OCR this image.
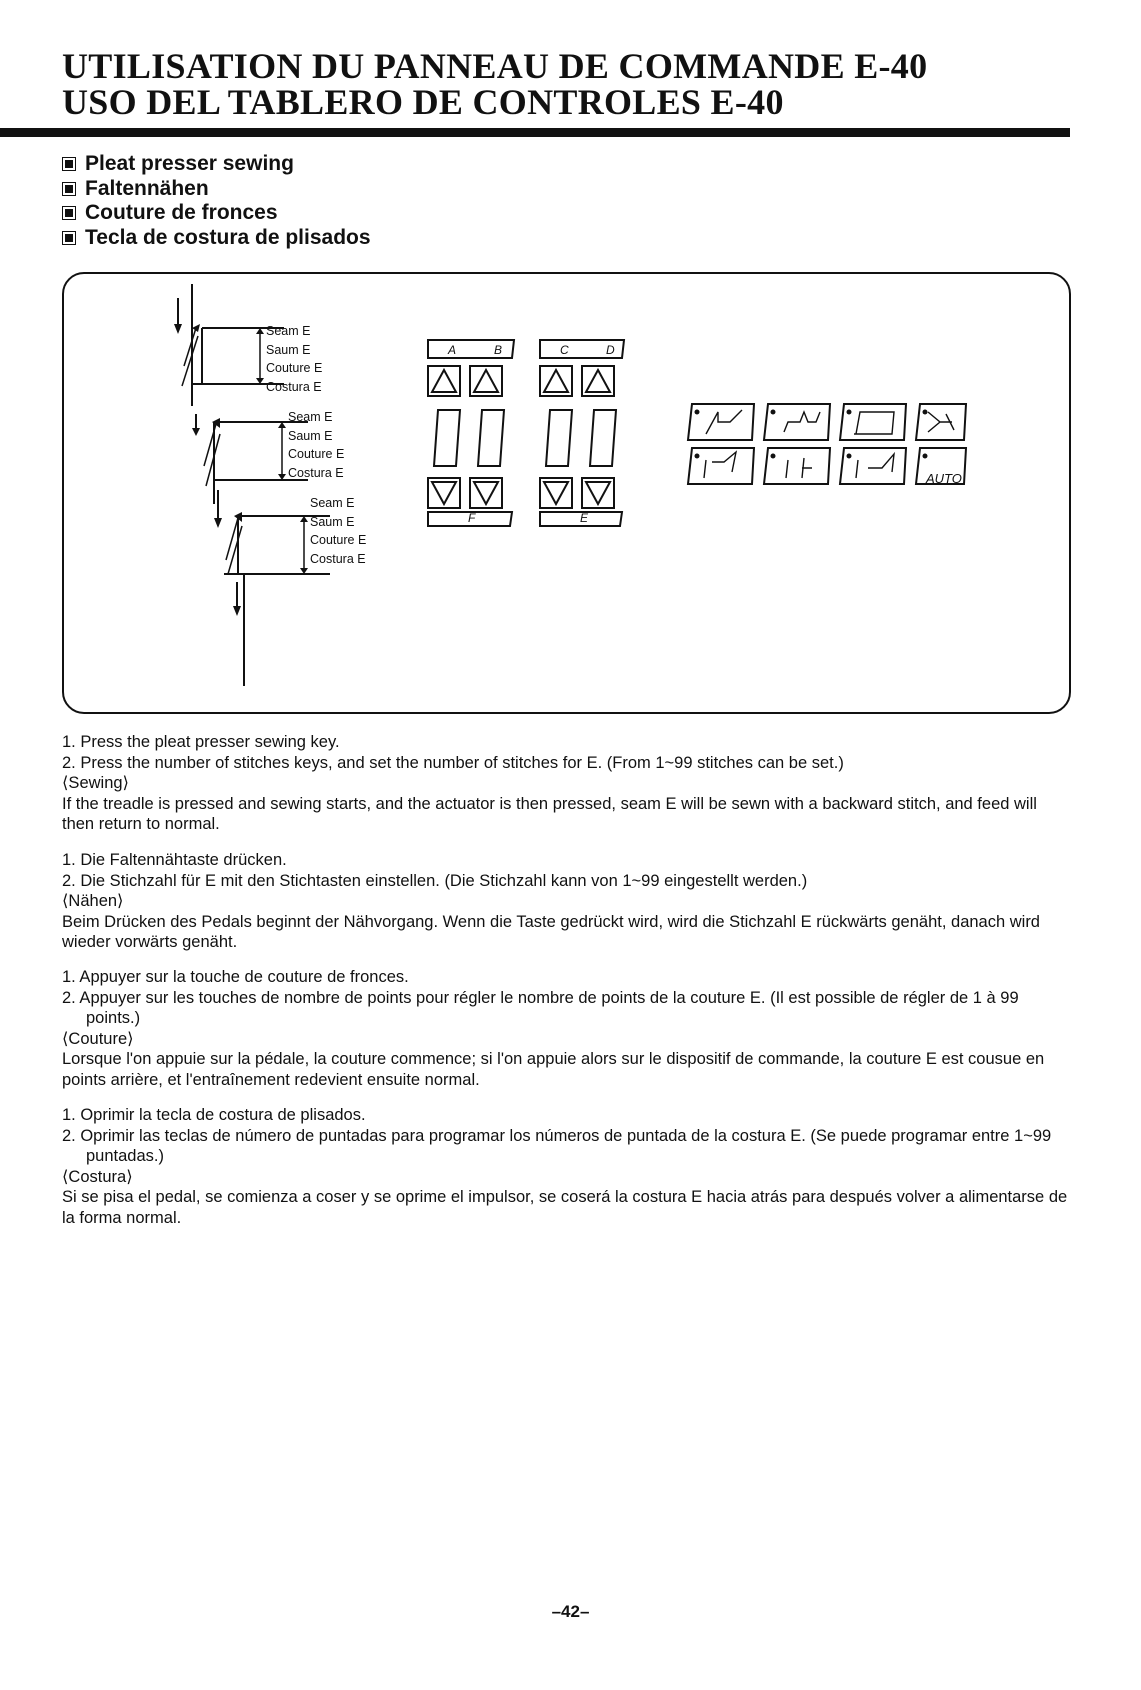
UTILISATION DU PANNEAU DE COMMANDE E-40
USO DEL TABLERO DE CONTROLES E-40
Pleat presser sewing
Faltennähen
Couture de fronces
Tecla de costura de plisados
Seam E
Saum E
Couture E
Costura E
Seam E
Saum E
Couture E
Costura E
Seam E
Saum E
Couture E
Costura E
A	B	C	D
F	E
AUTO

1. Press the pleat presser sewing key.

2. Press the number of stitches keys, and set the number of stitches for E. (From 1~99 stitches can be set.)

⟨Sewing⟩

If the treadle is pressed and sewing starts, and the actuator is then pressed, seam E will be sewn with a backward stitch, and feed will then return to normal.

1. Die Faltennähtaste drücken.

2. Die Stichzahl für E mit den Stichtasten einstellen. (Die Stichzahl kann von 1~99 eingestellt werden.)

⟨Nähen⟩

Beim Drücken des Pedals beginnt der Nähvorgang. Wenn die Taste gedrückt wird, wird die Stichzahl E rückwärts genäht, danach wird wieder vorwärts genäht.

1. Appuyer sur la touche de couture de fronces.

2. Appuyer sur les touches de nombre de points pour régler le nombre de points de la couture E. (Il est possible de régler de 1 à 99 points.)

⟨Couture⟩

Lorsque l'on appuie sur la pédale, la couture commence; si l'on appuie alors sur le dispositif de commande, la couture E est cousue en points arrière, et l'entraînement redevient ensuite normal.

1. Oprimir la tecla de costura de plisados.

2. Oprimir las teclas de número de puntadas para programar los números de puntada de la costura E. (Se puede programar entre 1~99 puntadas.)

⟨Costura⟩

Si se pisa el pedal, se comienza a coser y se oprime el impulsor, se coserá la costura E hacia atrás para después volver a alimentarse de la forma normal.

–42–
